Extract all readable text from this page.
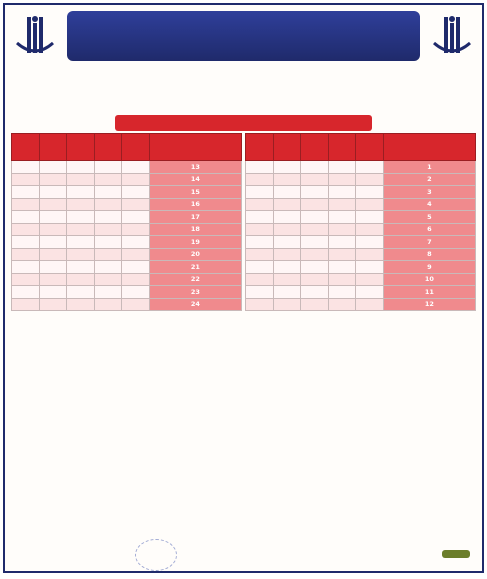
1					
2					
3					
4					
5					
6					
7					
8					
9					
10					
11					
12					

13					
14					
15					
16					
17					
18					
19					
20					
21					
22					
23					
24					
